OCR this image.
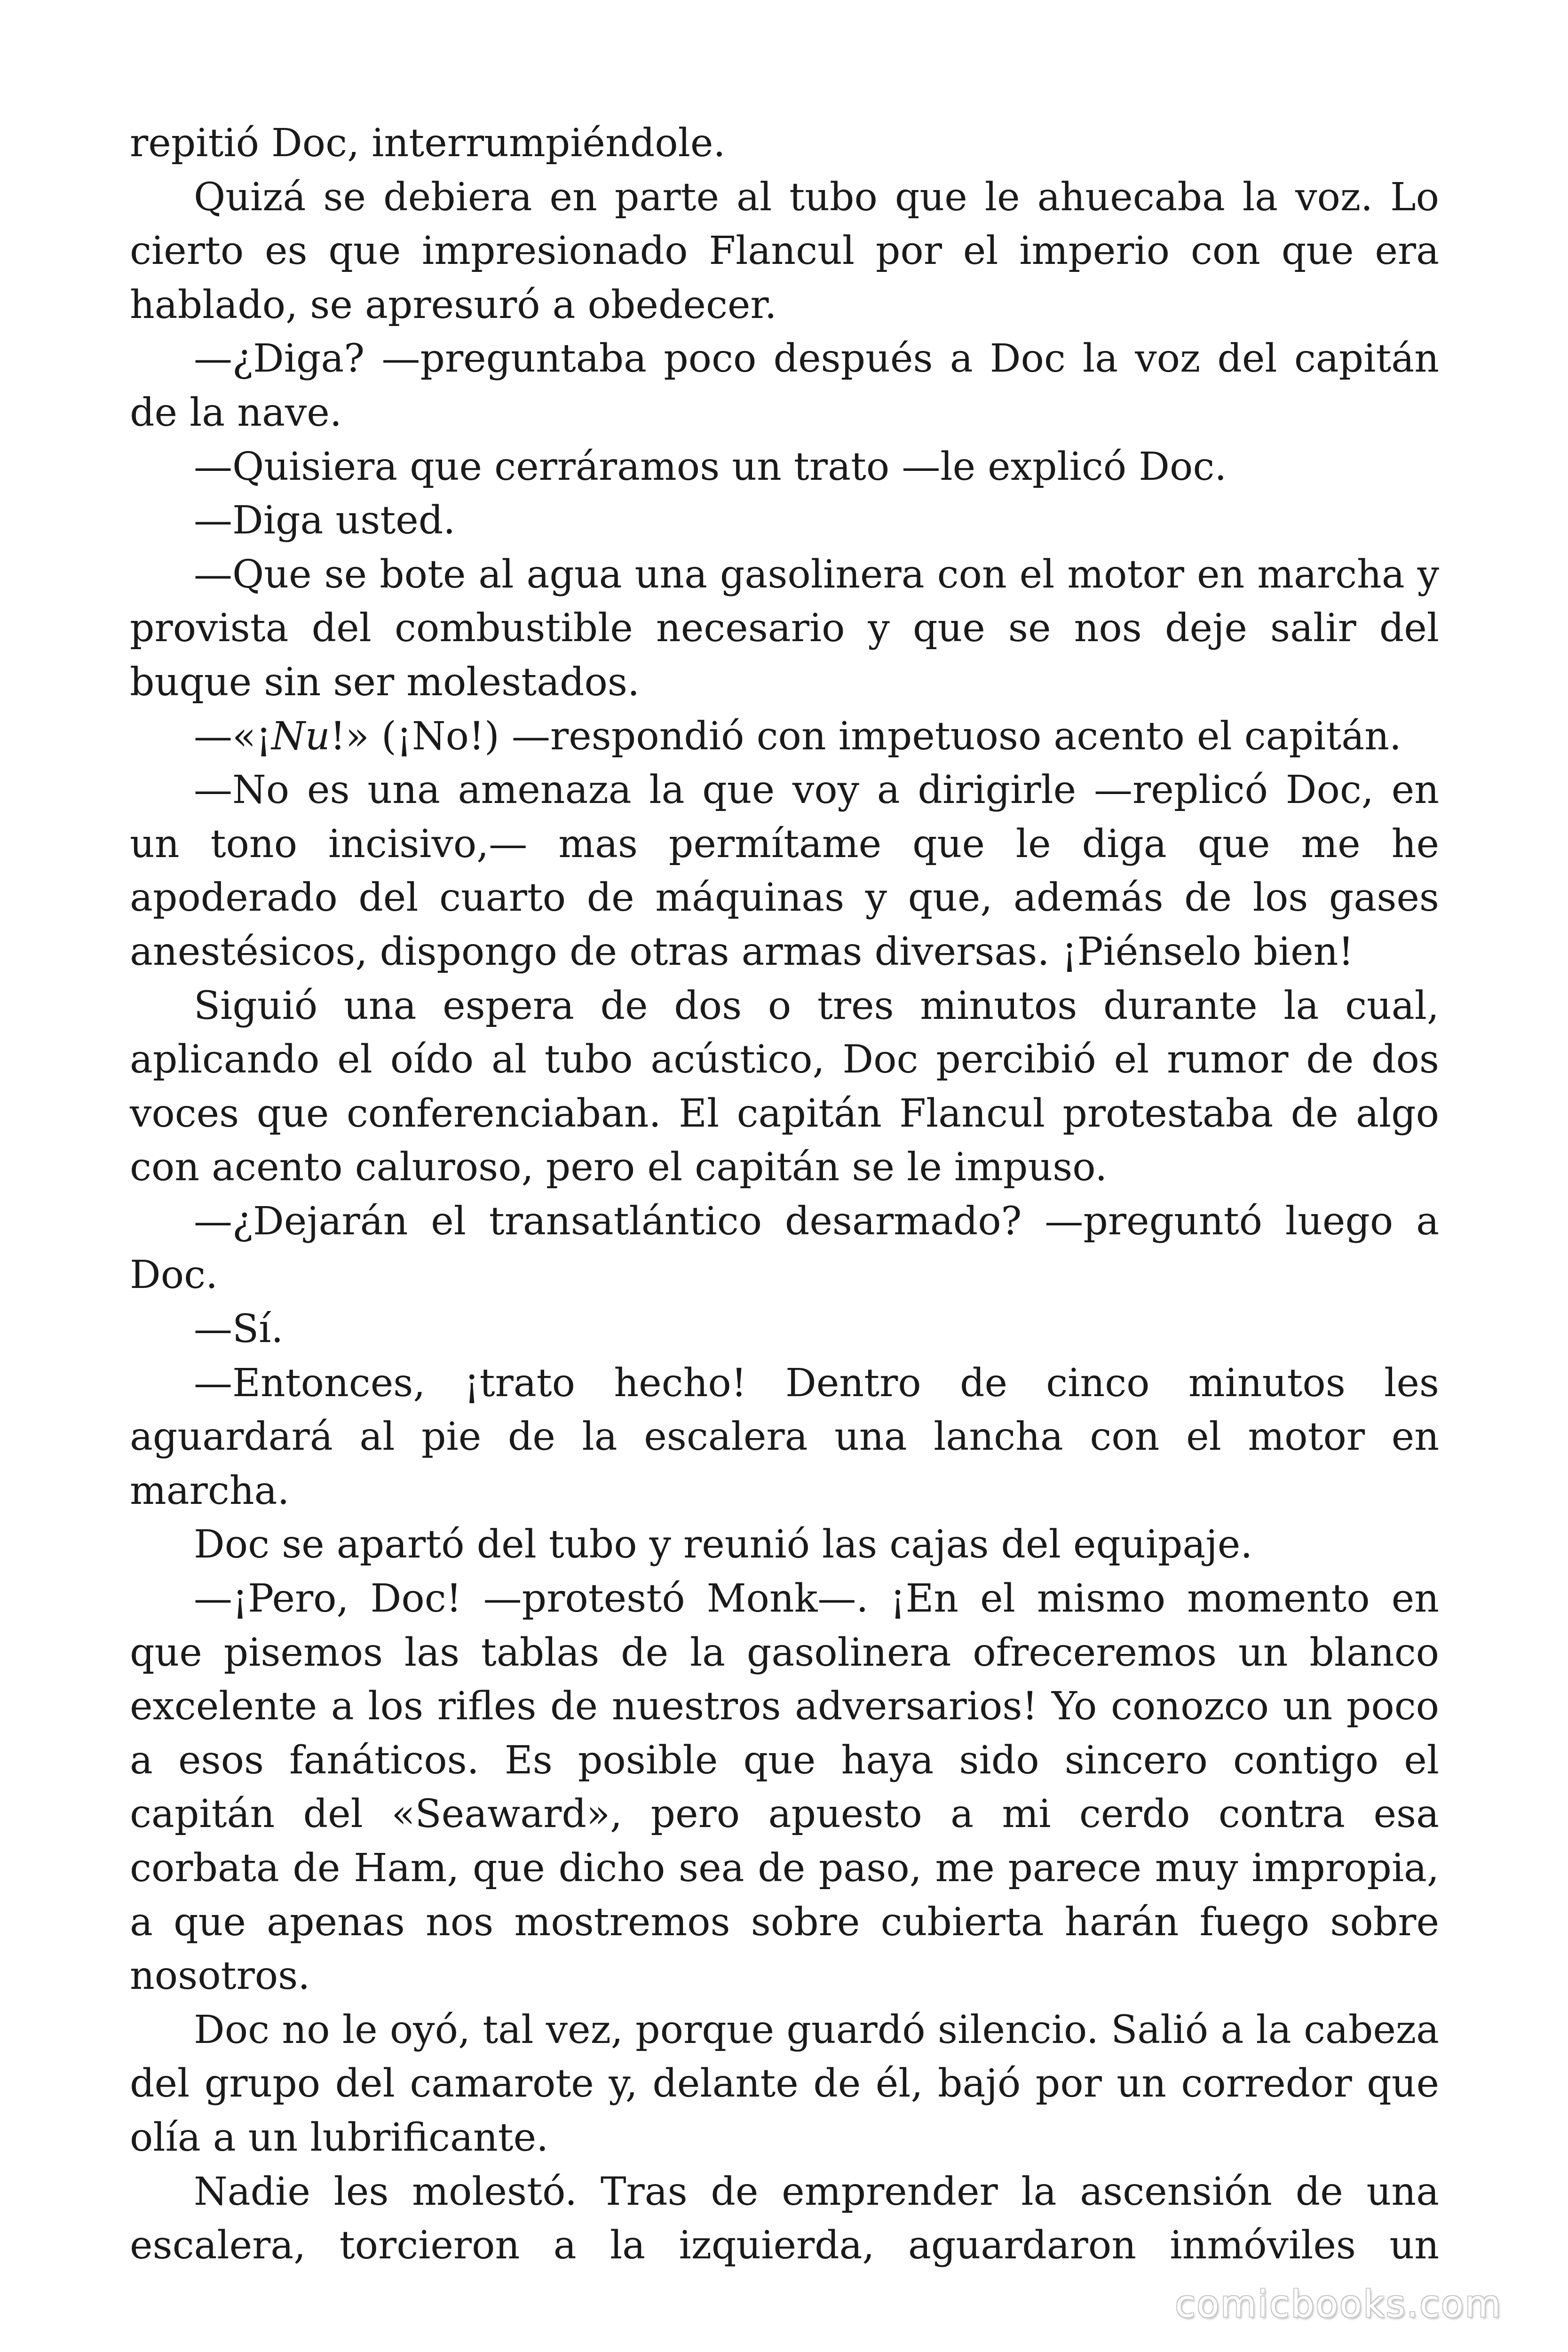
repitió Doc, interrumpiéndole.

Quizá se debiera en parte al tubo que le ahuecaba la voz. Lo cierto es que impresionado Flancul por el imperio con que era hablado, se apresuró a obedecer.

—¿Diga? —preguntaba poco después a Doc la voz del capitán de la nave.

—Quisiera que cerráramos un trato —le explicó Doc.

—Diga usted.

—Que se bote al agua una gasolinera con el motor en marcha y provista del combustible necesario y que se nos deje salir del buque sin ser molestados.

—«¡Nu!» (¡No!) —respondió con impetuoso acento el capitán.

—No es una amenaza la que voy a dirigirle —replicó Doc, en un tono incisivo,— mas permítame que le diga que me he apoderado del cuarto de máquinas y que, además de los gases anestésicos, dispongo de otras armas diversas. ¡Piénselo bien!

Siguió una espera de dos o tres minutos durante la cual, aplicando el oído al tubo acústico, Doc percibió el rumor de dos voces que conferenciaban. El capitán Flancul protestaba de algo con acento caluroso, pero el capitán se le impuso.

—¿Dejarán el transatlántico desarmado? —preguntó luego a Doc.

—Sí.

—Entonces, ¡trato hecho! Dentro de cinco minutos les aguardará al pie de la escalera una lancha con el motor en marcha.

Doc se apartó del tubo y reunió las cajas del equipaje.

—¡Pero, Doc! —protestó Monk—. ¡En el mismo momento en que pisemos las tablas de la gasolinera ofreceremos un blanco excelente a los rifles de nuestros adversarios! Yo conozco un poco a esos fanáticos. Es posible que haya sido sincero contigo el capitán del «Seaward», pero apuesto a mi cerdo contra esa corbata de Ham, que dicho sea de paso, me parece muy impropia, a que apenas nos mostremos sobre cubierta harán fuego sobre nosotros.

Doc no le oyó, tal vez, porque guardó silencio. Salió a la cabeza del grupo del camarote y, delante de él, bajó por un corredor que olía a un lubrificante.

Nadie les molestó. Tras de emprender la ascensión de una escalera, torcieron a la izquierda, aguardaron inmóviles un

comicbooks.com
